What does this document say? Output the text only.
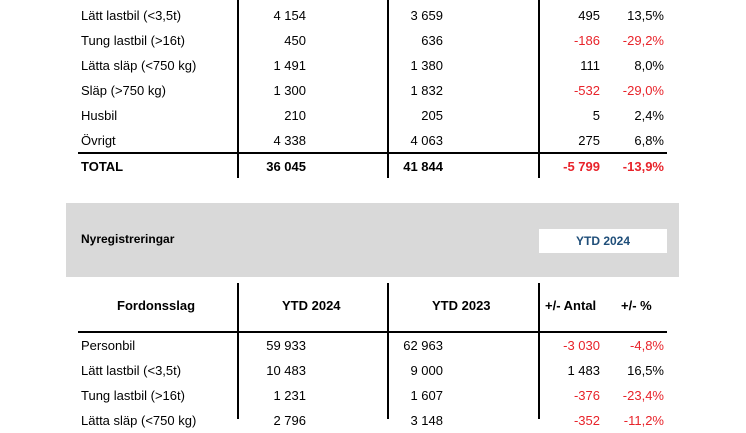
Lätt lastbil (<3,5t)	4 154	3 659	495 13,5%
Tung lastbil (>16t)	450	636	-186 -29,2%
Lätta släp (<750 kg)	1 491	1 380	111	8,0%
Släp (>750 kg)	1 300	1 832	-532 -29,0%
Husbil	210	205	5	2,4%
Övrigt	4 338	4 063	275	6,8%
TOTAL	36 045	41 844	-5 799 -13,9%
Nyregistreringar	YTD 2024
Fordonsslag	YTD 2024	YTD 2023	+/- Antal +/- %
Personbil	59 933	62 963	-3 030 -4,8%
Lätt lastbil (<3,5t)	10 483	9 000	1 483 16,5%
Tung lastbil (>16t)	1 231	1 607	-376 -23,4%
Lätta släp (<750 kg)	2 796	3 148	-352 -11,2%
